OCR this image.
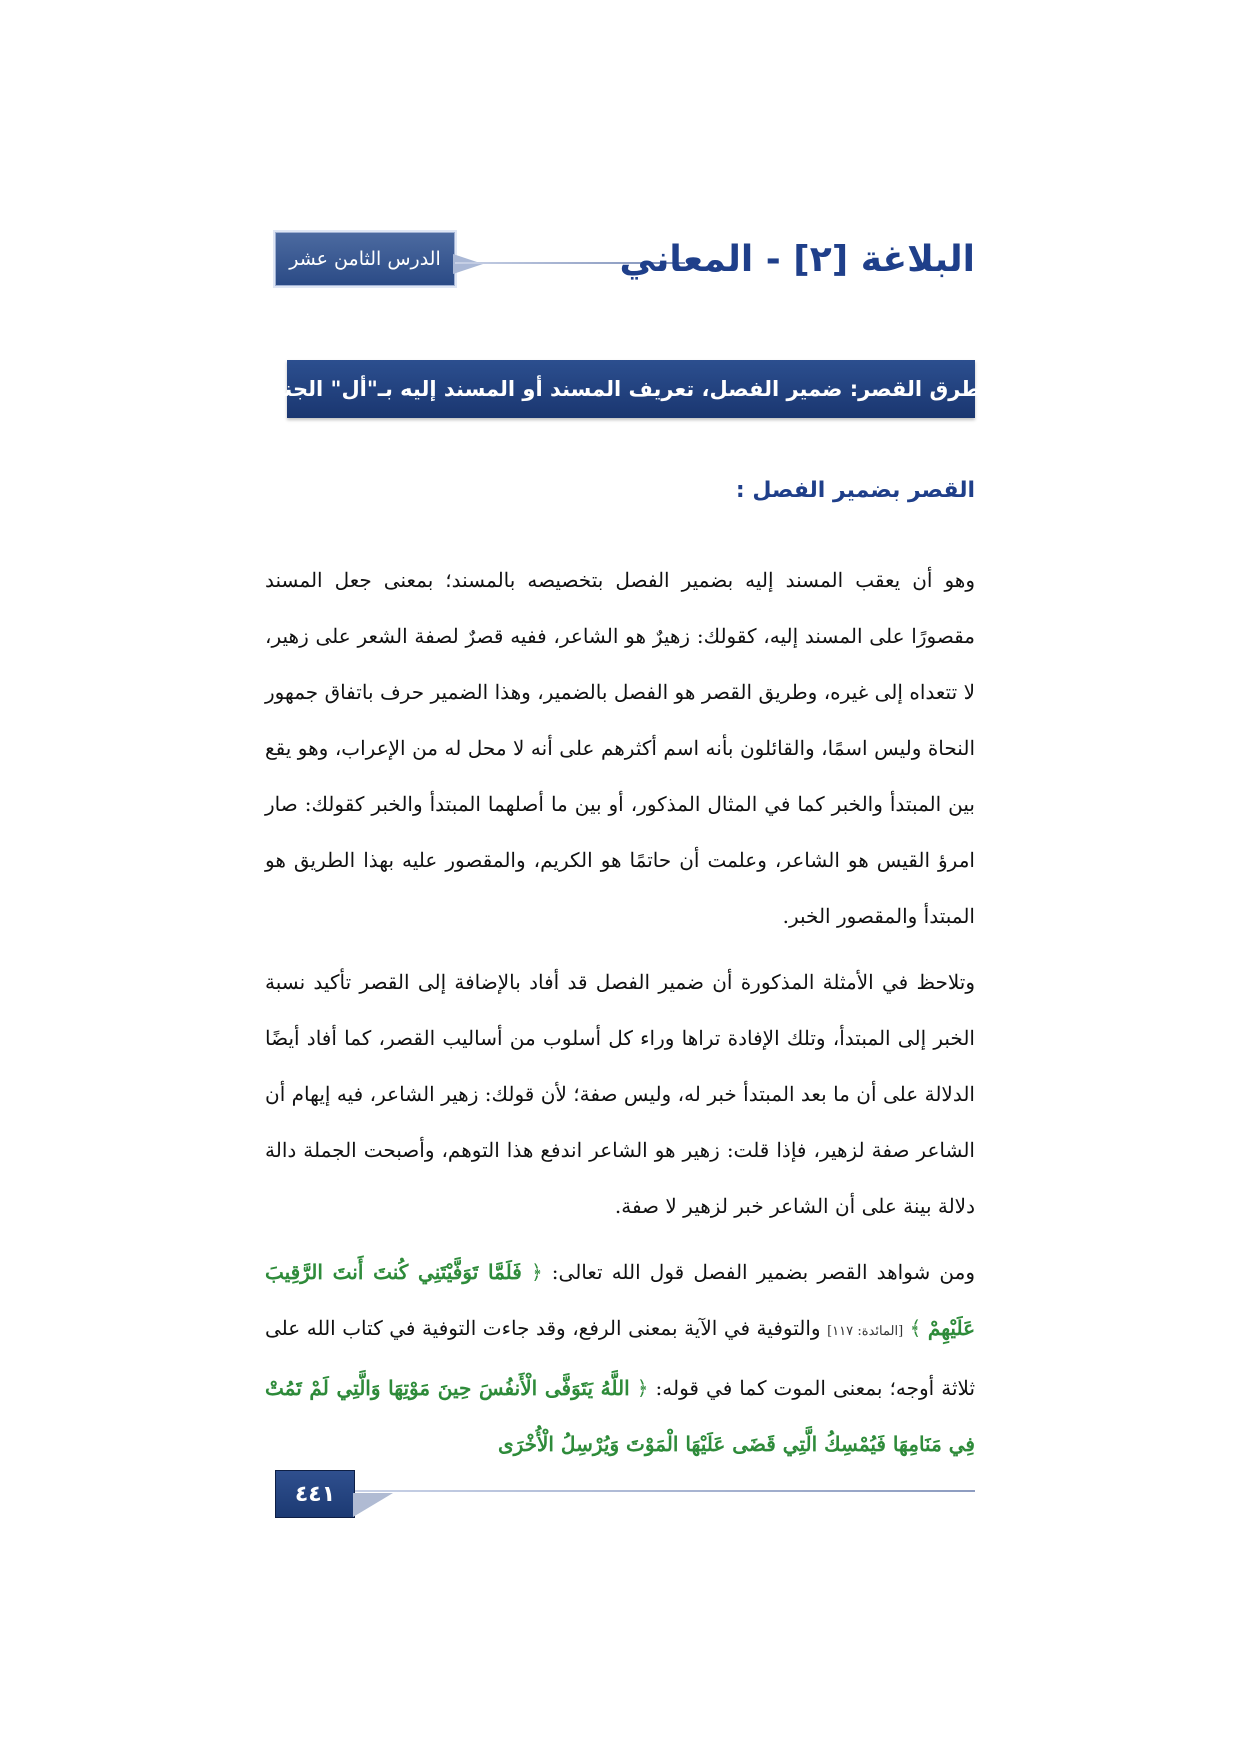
الدرس الثامن عشر	البلاغة [٢] - المعاني
من طرق القصر: ضمير الفصل، تعريف المسند أو المسند إليه بـ"أل" الجنسية
القصر بضمير الفصل :

وهو أن يعقب المسند إليه بضمير الفصل بتخصيصه بالمسند؛ بمعنى جعل المسند مقصورًا على المسند إليه، كقولك: زهيرٌ هو الشاعر، ففيه قصرٌ لصفة الشعر على زهير، لا تتعداه إلى غيره، وطريق القصر هو الفصل بالضمير، وهذا الضمير حرف باتفاق جمهور النحاة وليس اسمًا، والقائلون بأنه اسم أكثرهم على أنه لا محل له من الإعراب، وهو يقع بين المبتدأ والخبر كما في المثال المذكور، أو بين ما أصلهما المبتدأ والخبر كقولك: صار امرؤ القيس هو الشاعر، وعلمت أن حاتمًا هو الكريم، والمقصور عليه بهذا الطريق هو المبتدأ والمقصور الخبر.

وتلاحظ في الأمثلة المذكورة أن ضمير الفصل قد أفاد بالإضافة إلى القصر تأكيد نسبة الخبر إلى المبتدأ، وتلك الإفادة تراها وراء كل أسلوب من أساليب القصر، كما أفاد أيضًا الدلالة على أن ما بعد المبتدأ خبر له، وليس صفة؛ لأن قولك: زهير الشاعر، فيه إيهام أن الشاعر صفة لزهير، فإذا قلت: زهير هو الشاعر اندفع هذا التوهم، وأصبحت الجملة دالة دلالة بينة على أن الشاعر خبر لزهير لا صفة.

ومن شواهد القصر بضمير الفصل قول الله تعالى: ﴿ فَلَمَّا تَوَفَّيْتَنِي كُنتَ أَنتَ الرَّقِيبَ عَلَيْهِمْ ﴾ [المائدة: ١١٧] والتوفية في الآية بمعنى الرفع، وقد جاءت التوفية في كتاب الله على ثلاثة أوجه؛ بمعنى الموت كما في قوله: ﴿ اللَّهُ يَتَوَفَّى الْأَنفُسَ حِينَ مَوْتِهَا وَالَّتِي لَمْ تَمُتْ فِي مَنَامِهَا فَيُمْسِكُ الَّتِي قَضَى عَلَيْهَا الْمَوْتَ وَيُرْسِلُ الْأُخْرَى

٤٤١
